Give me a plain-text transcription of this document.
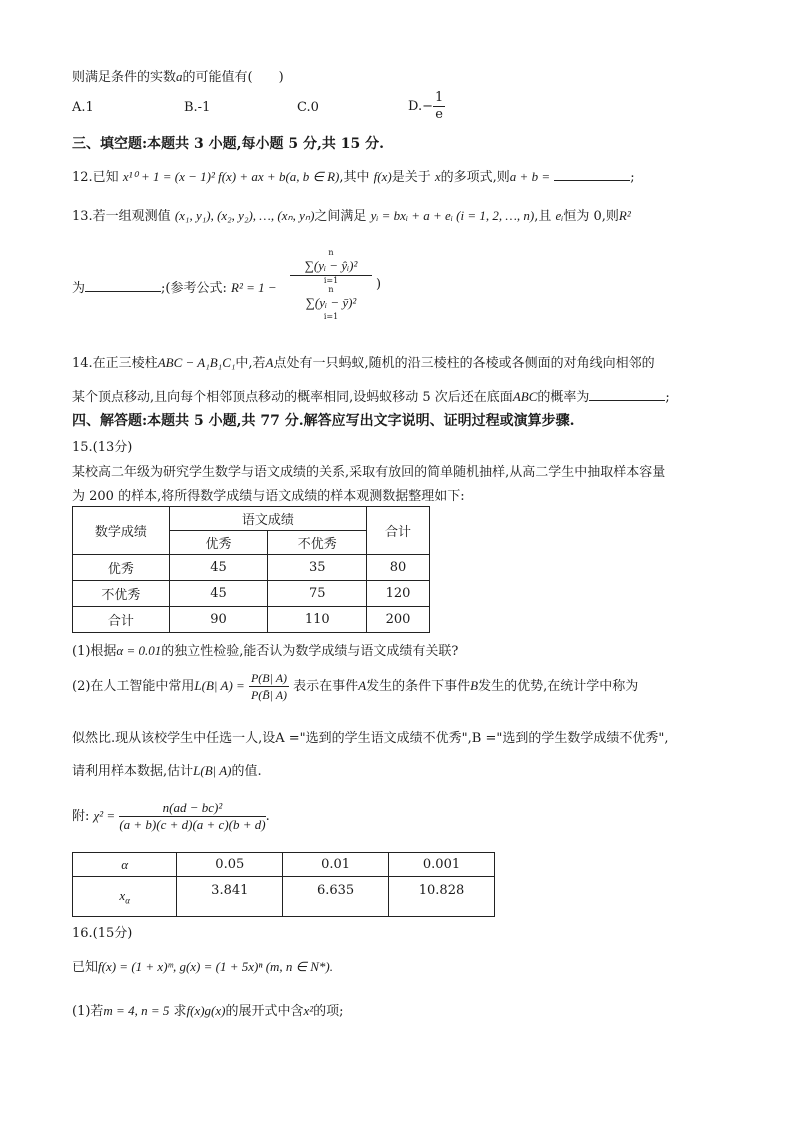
则满足条件的实数a的可能值有(　　)
A.1	B.-1	C.0	$D.- \frac{1}{e}$
三、填空题:本题共 3 小题,每小题 5 分,共 15 分.
12.已知 x¹⁰ + 1 = (x − 1)² f(x) + ax + b(a, b ∈ R),其中 f(x)是关于 x的多项式,则a + b =	;
13.若一组观测值 (x₁, y₁), (x₂, y₂), …, (xₙ, yₙ)之间满足 yᵢ = bxᵢ + a + eᵢ (i = 1, 2, …, n),且 eᵢ恒为 0,则R²
为	;(参考公式: R² = 1 −
n
∑(yᵢ − ŷᵢ)²
i=1
n
∑(yᵢ − ȳ)²
i=1
)
14.在正三棱柱ABC − A₁B₁C₁中,若A点处有一只蚂蚁,随机的沿三棱柱的各棱或各侧面的对角线向相邻的
某个顶点移动,且向每个相邻顶点移动的概率相同,设蚂蚁移动 5 次后还在底面ABC的概率为	;
四、解答题:本题共 5 小题,共 77 分.解答应写出文字说明、证明过程或演算步骤.
15.(13分)
某校高二年级为研究学生数学与语文成绩的关系,采取有放回的简单随机抽样,从高二学生中抽取样本容量
为 200 的样本,将所得数学成绩与语文成绩的样本观测数据整理如下:
数学成绩	语文成绩		合计
	优秀	不优秀	
优秀	45	35	80
不优秀	45	75	120
合计	90	110	200
(1)根据α = 0.01的独立性检验,能否认为数学成绩与语文成绩有关联?
(2)在人工智能中常用L(B| $A) = \frac{P(B| A)}{P(B̄| A)}$ 表示在事件A发生的条件下事件B发生的优势,在统计学中称为
似然比.现从该校学生中任选一人,设A ="选到的学生语文成绩不优秀",B ="选到的学生数学成绩不优秀",
请利用样本数据,估计L(B| A)的值.
附: $\chi^2 = \frac{\text{n(ad − bc)²}}{(a + b)(c + d)(a + c)(b + d)}$ .
α	0.05	0.01	0.001
$x_\alpha$	3.841	6.635	10.828
16.(15分)
已知f(x) = (1 + x)ᵐ, g(x) = (1 + 5x)ⁿ (m, n ∈ N*).
(1)若m = 4, n = 5 求f(x)g(x)的展开式中含x²的项;
